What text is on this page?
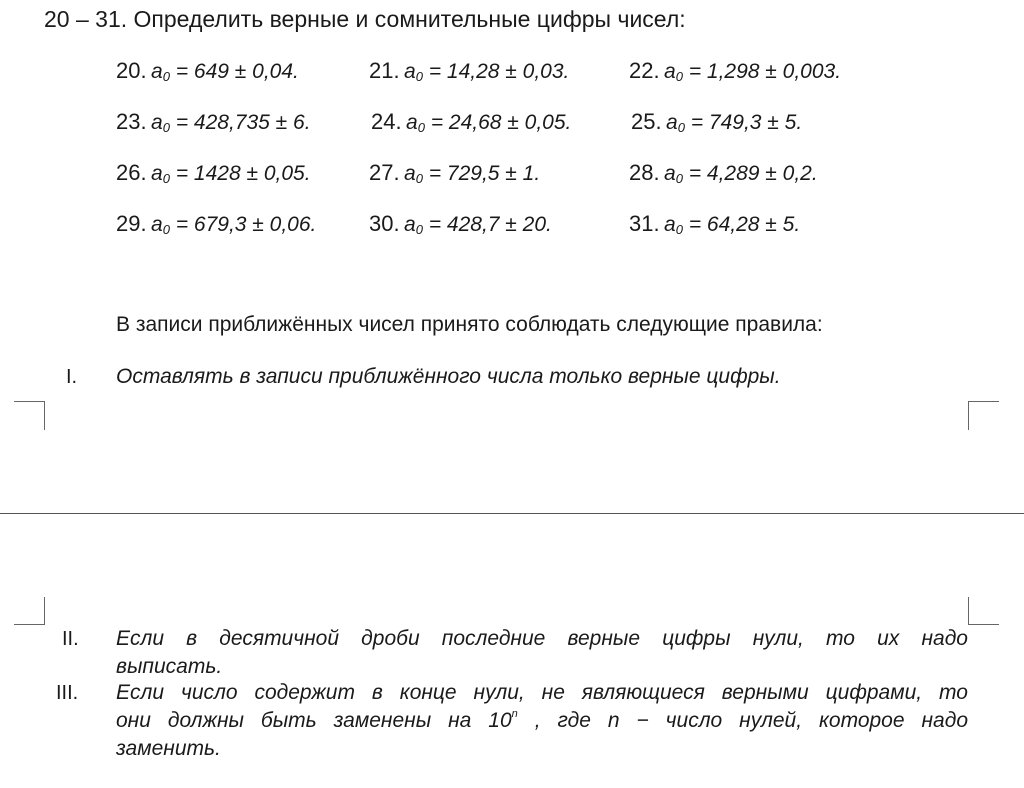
20 – 31. Определить верные и сомнительные цифры чисел:
20. a0 = 649 ± 0,04.	21. a0 = 14,28 ± 0,03.	22. a0 = 1,298 ± 0,003.
23. a0 = 428,735 ± 6.	24. a0 = 24,68 ± 0,05.	25. a0 = 749,3 ± 5.
26. a0 = 1428 ± 0,05.	27. a0 = 729,5 ± 1.	28. a0 = 4,289 ± 0,2.
29. a0 = 679,3 ± 0,06. 30. a0 = 428,7 ± 20.	31. a0 = 64,28 ± 5.
В записи приближённых чисел принято соблюдать следующие правила:
I. Оставлять в записи приближённого числа только верные цифры.
II. Если в десятичной дроби последние верные цифры нули, то их надо
выписать.
III. Если число содержит в конце нули, не являющиеся верными цифрами, то
они должны быть заменены на 10$^n$ , где n − число нулей, которое надо
заменить.
